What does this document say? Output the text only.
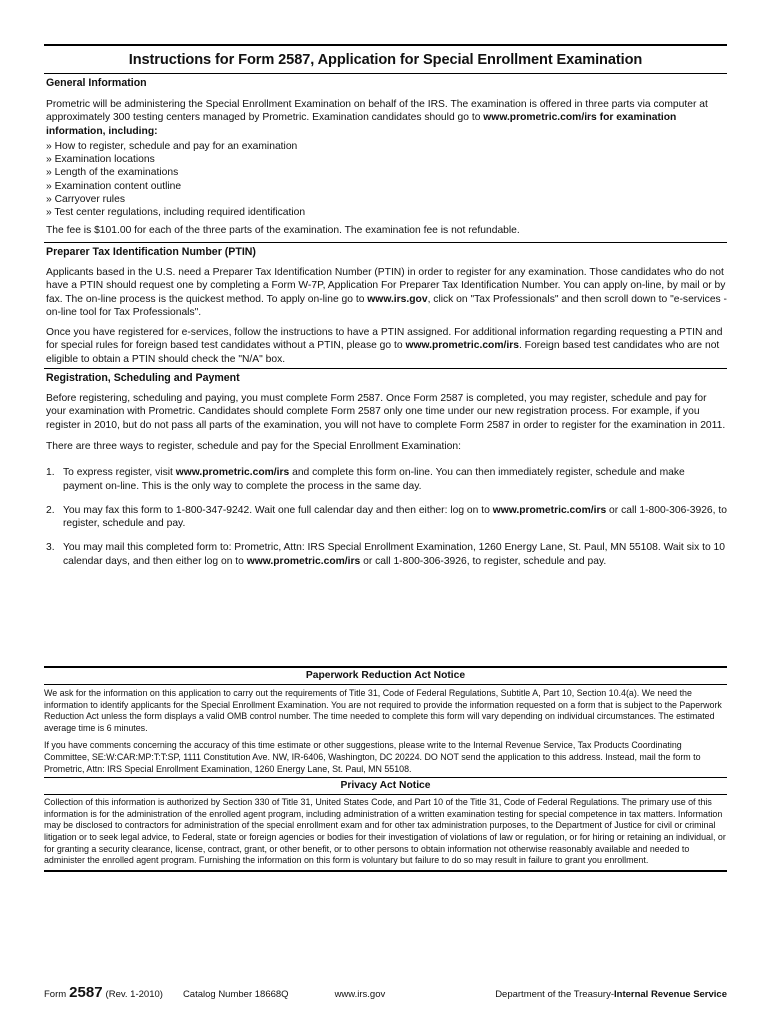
Instructions for Form 2587, Application for Special Enrollment Examination
General Information

Prometric will be administering the Special Enrollment Examination on behalf of the IRS. The examination is offered in three parts via computer at approximately 300 testing centers managed by Prometric. Examination candidates should go to www.prometric.com/irs for examination information, including:

» How to register, schedule and pay for an examination
» Examination locations
» Length of the examinations
» Examination content outline
» Carryover rules
» Test center regulations, including required identification

The fee is $101.00 for each of the three parts of the examination. The examination fee is not refundable.

Preparer Tax Identification Number (PTIN)

Applicants based in the U.S. need a Preparer Tax Identification Number (PTIN) in order to register for any examination. Those candidates who do not have a PTIN should request one by completing a Form W-7P, Application For Preparer Tax Identification Number. You can apply on-line, by mail or by fax. The on-line process is the quickest method. To apply on-line go to www.irs.gov, click on "Tax Professionals" and then scroll down to "e-services - on-line tool for Tax Professionals".

Once you have registered for e-services, follow the instructions to have a PTIN assigned. For additional information regarding requesting a PTIN and for special rules for foreign based test candidates without a PTIN, please go to www.prometric.com/irs. Foreign based test candidates who are not eligible to obtain a PTIN should check the "N/A" box.

Registration, Scheduling and Payment

Before registering, scheduling and paying, you must complete Form 2587. Once Form 2587 is completed, you may register, schedule and pay for your examination with Prometric. Candidates should complete Form 2587 only one time under our new registration process. For example, if you register in 2010, but do not pass all parts of the examination, you will not have to complete Form 2587 in order to register for the examination in 2011.

There are three ways to register, schedule and pay for the Special Enrollment Examination:

1. To express register, visit www.prometric.com/irs and complete this form on-line. You can then immediately register, schedule and make payment on-line. This is the only way to complete the process in the same day.
2. You may fax this form to 1-800-347-9242. Wait one full calendar day and then either: log on to www.prometric.com/irs or call 1-800-306-3926, to register, schedule and pay.
3. You may mail this completed form to: Prometric, Attn: IRS Special Enrollment Examination, 1260 Energy Lane, St. Paul, MN 55108. Wait six to 10 calendar days, and then either log on to www.prometric.com/irs or call 1-800-306-3926, to register, schedule and pay.
Paperwork Reduction Act Notice

We ask for the information on this application to carry out the requirements of Title 31, Code of Federal Regulations, Subtitle A, Part 10, Section 10.4(a). We need the information to identify applicants for the Special Enrollment Examination. You are not required to provide the information requested on a form that is subject to the Paperwork Reduction Act unless the form displays a valid OMB control number. The time needed to complete this form will vary depending on individual circumstances. The estimated average time is 6 minutes.

If you have comments concerning the accuracy of this time estimate or other suggestions, please write to the Internal Revenue Service, Tax Products Coordinating Committee, SE:W:CAR:MP:T:T:SP, 1111 Constitution Ave. NW, IR-6406, Washington, DC 20224. DO NOT send the application to this address. Instead, mail the form to Prometric, Attn: IRS Special Enrollment Examination, 1260 Energy Lane, St. Paul, MN 55108.

Privacy Act Notice

Collection of this information is authorized by Section 330 of Title 31, United States Code, and Part 10 of the Title 31, Code of Federal Regulations. The primary use of this information is for the administration of the enrolled agent program, including administration of a written examination testing for special competence in tax matters. Information may be disclosed to contractors for administration of the special enrollment exam and for other tax administration purposes, to the Department of Justice for civil or criminal litigation or to seek legal advice, to Federal, state or foreign agencies or bodies for their investigation of violations of law or regulation, or for hiring or retaining an individual, or for granting a security clearance, license, contract, grant, or other benefit, or to other persons to obtain information not otherwise reasonably available and needed to administer the enrolled agent program. Furnishing the information on this form is voluntary but failure to do so may result in failure to grant you enrollment.

Form 2587 (Rev. 1-2010) Catalog Number 18668Q	www.irs.gov	Department of the Treasury-Internal Revenue Service
